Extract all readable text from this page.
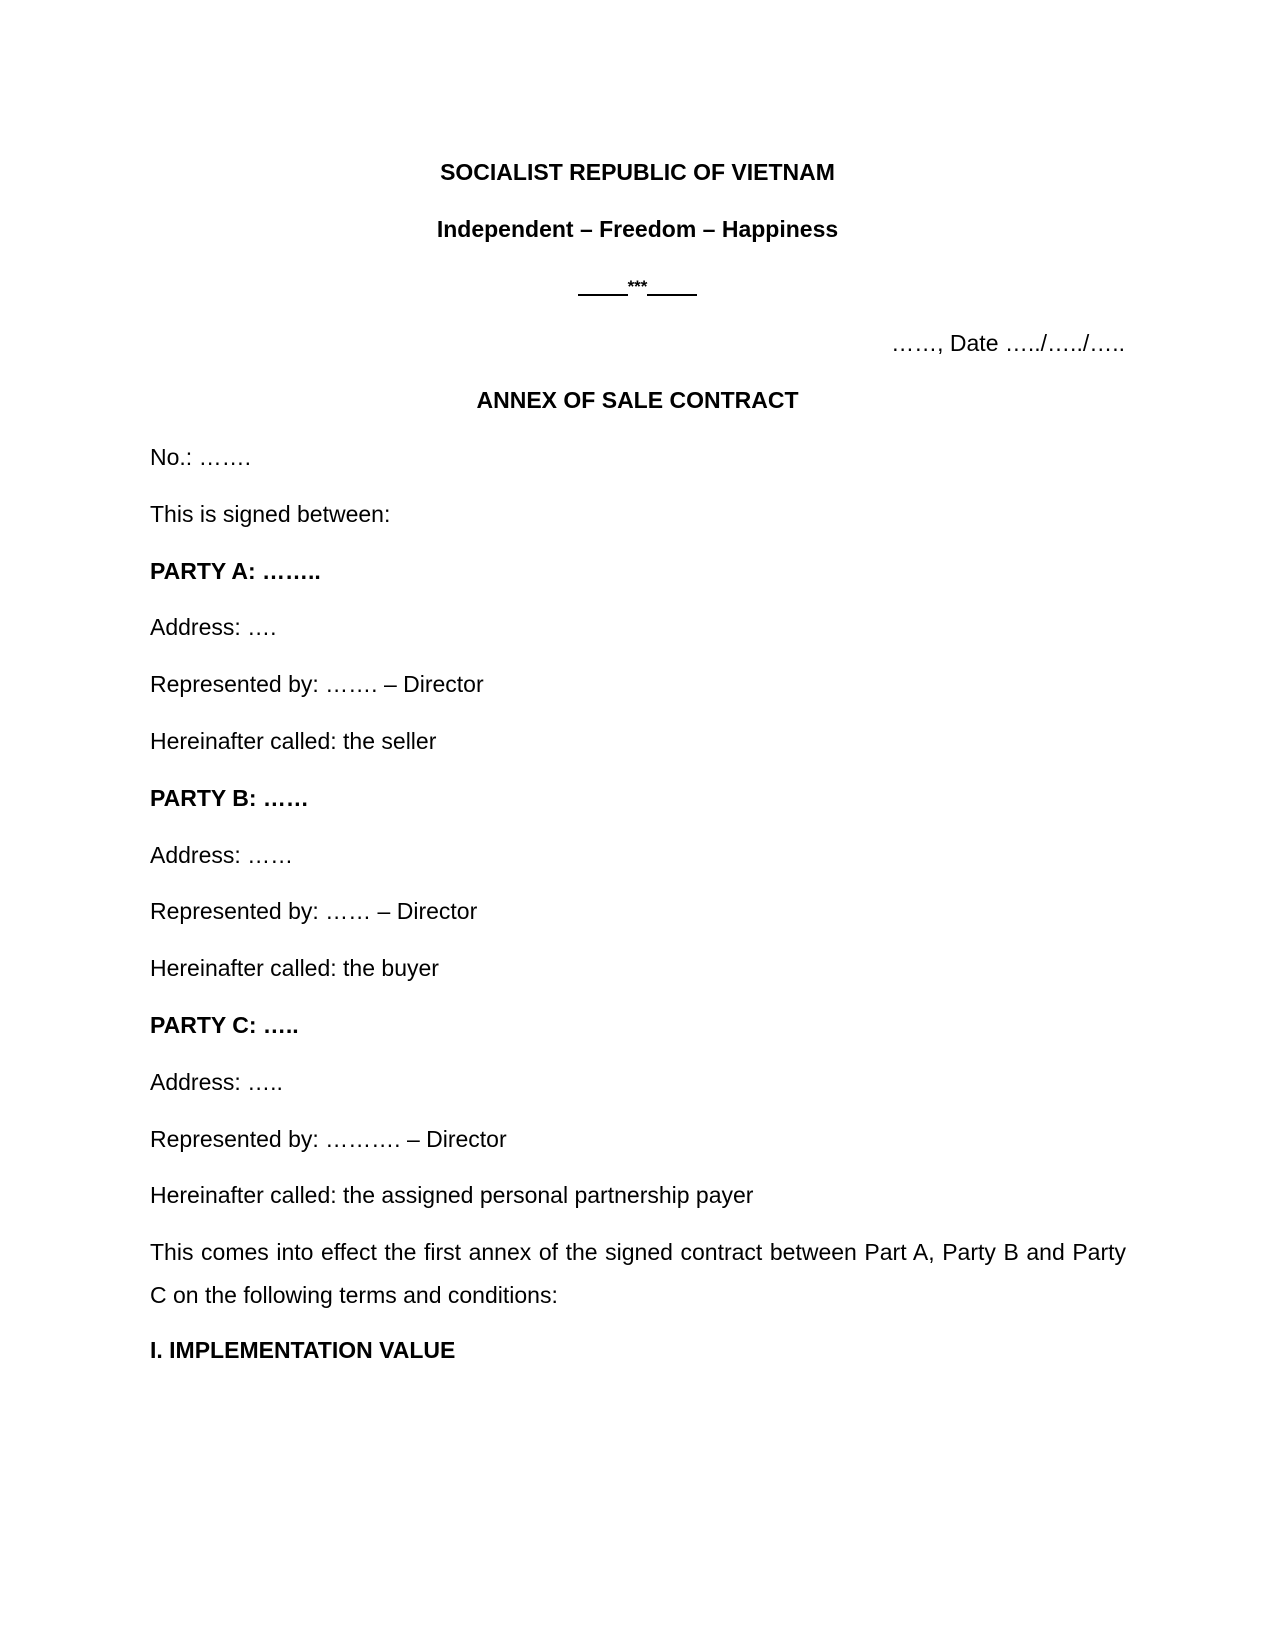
SOCIALIST REPUBLIC OF VIETNAM
Independent – Freedom – Happiness
***
……, Date …../…../…..
ANNEX OF SALE CONTRACT
No.: …….
This is signed between:
PARTY A: ……..
Address: ….
Represented by: ……. – Director
Hereinafter called: the seller
PARTY B: ……
Address: ……
Represented by: …… – Director
Hereinafter called: the buyer
PARTY C: …..
Address: …..
Represented by: ………. – Director
Hereinafter called: the assigned personal partnership payer
This comes into effect the first annex of the signed contract between Part A, Party B and Party C on the following terms and conditions:
I. IMPLEMENTATION VALUE
